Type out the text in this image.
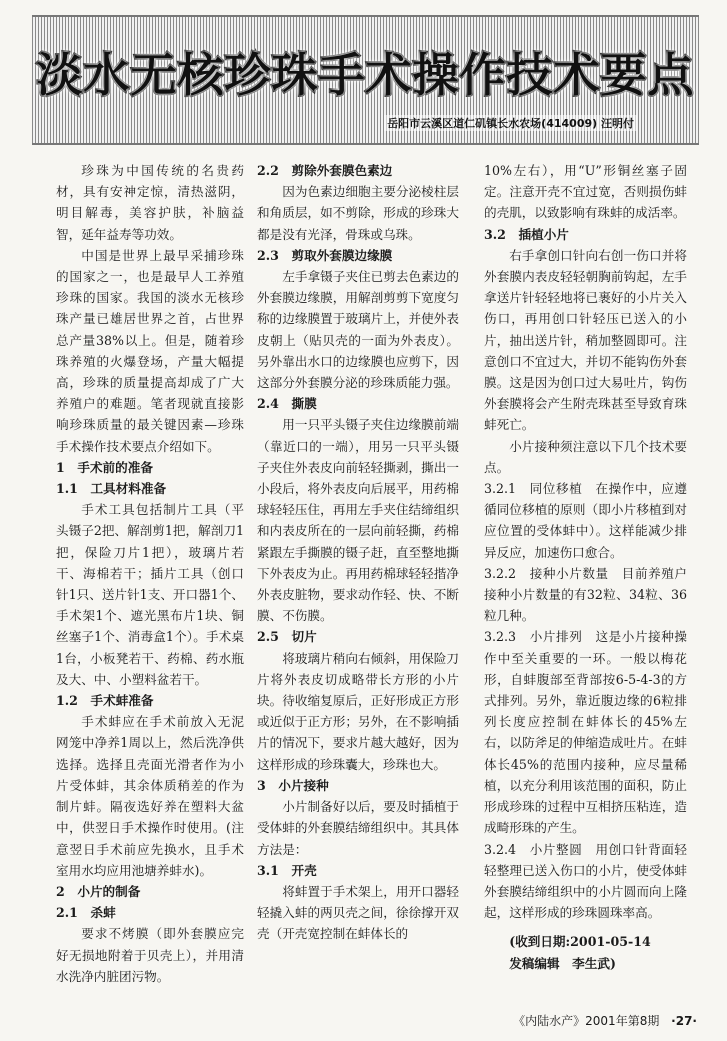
淡水无核珍珠手术操作技术要点
岳阳市云溪区道仁矶镇长水农场(414009) 汪明付

珍珠为中国传统的名贵药材，具有安神定惊，清热滋阴，明目解毒，美容护肤，补脑益智，延年益寿等功效。

中国是世界上最早采捕珍珠的国家之一，也是最早人工养殖珍珠的国家。我国的淡水无核珍珠产量已雄居世界之首，占世界总产量38%以上。但是，随着珍珠养殖的火爆登场，产量大幅提高，珍珠的质量提高却成了广大养殖户的难题。笔者现就直接影响珍珠质量的最关键因素—珍珠手术操作技术要点介绍如下。

1　手术前的准备
1.1　工具材料准备

手术工具包括制片工具（平头镊子2把、解剖剪1把，解剖刀1把，保险刀片1把），玻璃片若干、海棉若干；插片工具（创口针1只、送片针1支、开口器1个、手术架1个、遮光黑布片1块、铜丝塞子1个、消毒盒1个）。手术桌1台，小板凳若干、药棉、药水瓶及大、中、小塑料盆若干。

1.2　手术蚌准备

手术蚌应在手术前放入无泥网笼中净养1周以上，然后洗净供选择。选择且壳面光滑者作为小片受体蚌，其余体质稍差的作为制片蚌。隔夜选好养在塑料大盆中，供翌日手术操作时使用。(注意翌日手术前应先换水，且手术室用水均应用池塘养蚌水)。

2　小片的制备
2.1　杀蚌

要求不烤膜（即外套膜应完好无损地附着于贝壳上），并用清水洗净内脏团污物。

2.2　剪除外套膜色素边

因为色素边细胞主要分泌棱柱层和角质层，如不剪除，形成的珍珠大都是没有光泽，骨珠或乌珠。

2.3　剪取外套膜边缘膜

左手拿镊子夹住已剪去色素边的外套膜边缘膜，用解剖剪剪下宽度匀称的边缘膜置于玻璃片上，并使外表皮朝上（贴贝壳的一面为外表皮）。另外靠出水口的边缘膜也应剪下，因这部分外套膜分泌的珍珠质能力强。

2.4　撕膜

用一只平头镊子夹住边缘膜前端（靠近口的一端），用另一只平头镊子夹住外表皮向前轻轻撕剥，撕出一小段后，将外表皮向后展平，用药棉球轻轻压住，再用左手夹住结缔组织和内表皮所在的一层向前轻撕，药棉紧跟左手撕膜的镊子赶，直至整地撕下外表皮为止。再用药棉球轻轻揩净外表皮脏物，要求动作轻、快、不断膜、不伤膜。

2.5　切片

将玻璃片稍向右倾斜，用保险刀片将外表皮切成略带长方形的小片块。待收缩复原后，正好形成正方形或近似于正方形；另外，在不影响插片的情况下，要求片越大越好，因为这样形成的珍珠囊大，珍珠也大。

3　小片接种

小片制备好以后，要及时插植于受体蚌的外套膜结缔组织中。其具体方法是：

3.1　开壳

将蚌置于手术架上，用开口器轻轻撬入蚌的两贝壳之间，徐徐撑开双壳（开壳宽控制在蚌体长的

10%左右），用“U”形铜丝塞子固定。注意开壳不宜过宽，否则损伤蚌的壳肌，以致影响有珠蚌的成活率。

3.2　插植小片

右手拿创口针向右创一伤口并将外套膜内表皮轻轻朝胸前钩起，左手拿送片针轻轻地将已裹好的小片关入伤口，再用创口针轻压已送入的小片，抽出送片针，稍加整圆即可。注意创口不宜过大，并切不能钩伤外套膜。这是因为创口过大易吐片，钩伤外套膜将会产生附壳珠甚至导致育珠蚌死亡。

小片接种须注意以下几个技术要点。

3.2.1　同位移植　在操作中，应遵循同位移植的原则（即小片移植到对应位置的受体蚌中）。这样能减少排异反应，加速伤口愈合。

3.2.2　接种小片数量　目前养殖户接种小片数量的有32粒、34粒、36粒几种。

3.2.3　小片排列　这是小片接种操作中至关重要的一环。一般以梅花形，自蚌腹部至背部按6-5-4-3的方式排列。另外，靠近腹边缘的6粒排列长度应控制在蚌体长的45%左右，以防斧足的伸缩造成吐片。在蚌体长45%的范围内接种，应尽量稀植，以充分利用该范围的面积，防止形成珍珠的过程中互相挤压粘连，造成畸形珠的产生。

3.2.4　小片整圆　用创口针背面轻轻整理已送入伤口的小片，使受体蚌外套膜结缔组织中的小片圆而向上隆起，这样形成的珍珠圆珠率高。

(收到日期:2001-05-14

发稿编辑　李生武)

《内陆水产》2001年第8期 ·27·
